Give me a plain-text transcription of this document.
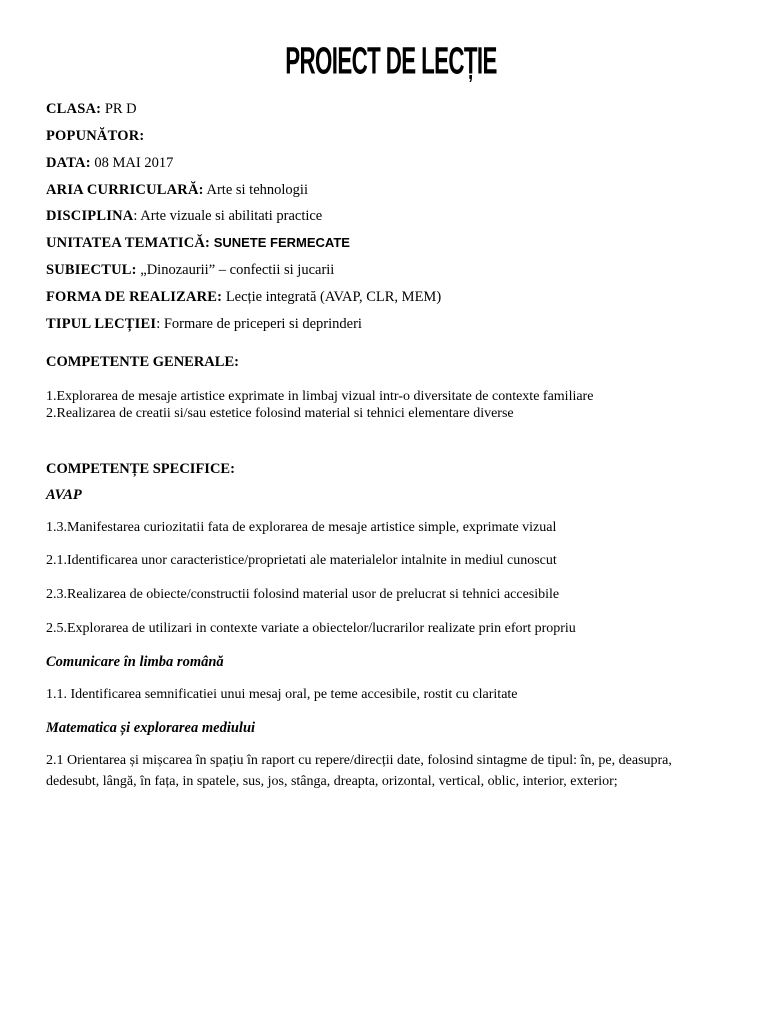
PROIECT DE LECȚIE
CLASA: PR D
POPUNĂTOR:
DATA: 08 MAI 2017
ARIA CURRICULARĂ: Arte si tehnologii
DISCIPLINA: Arte vizuale si abilitati practice
UNITATEA TEMATICĂ: SUNETE FERMECATE
SUBIECTUL: „Dinozaurii” – confectii si jucarii
FORMA DE REALIZARE: Lecție integrată (AVAP, CLR, MEM)
TIPUL LECȚIEI: Formare de priceperi si deprinderi
COMPETENTE GENERALE:
1.Explorarea de mesaje artistice exprimate in limbaj vizual intr-o diversitate de contexte familiare
2.Realizarea de creatii si/sau estetice folosind material si tehnici elementare diverse
COMPETENȚE SPECIFICE:
AVAP
1.3.Manifestarea curiozitatii fata de explorarea de mesaje artistice simple, exprimate vizual
2.1.Identificarea unor caracteristice/proprietati ale materialelor intalnite in mediul cunoscut
2.3.Realizarea de obiecte/constructii folosind material usor de prelucrat si tehnici accesibile
2.5.Explorarea de utilizari in contexte variate a obiectelor/lucrarilor realizate prin efort propriu
Comunicare în limba română
1.1. Identificarea semnificatiei unui mesaj oral, pe teme accesibile, rostit cu claritate
Matematica și explorarea mediului
2.1 Orientarea și mișcarea în spațiu în raport cu repere/direcții date, folosind sintagme de tipul: în, pe, deasupra, dedesubt, lângă, în fața, in spatele, sus, jos, stânga, dreapta, orizontal, vertical, oblic, interior, exterior;
